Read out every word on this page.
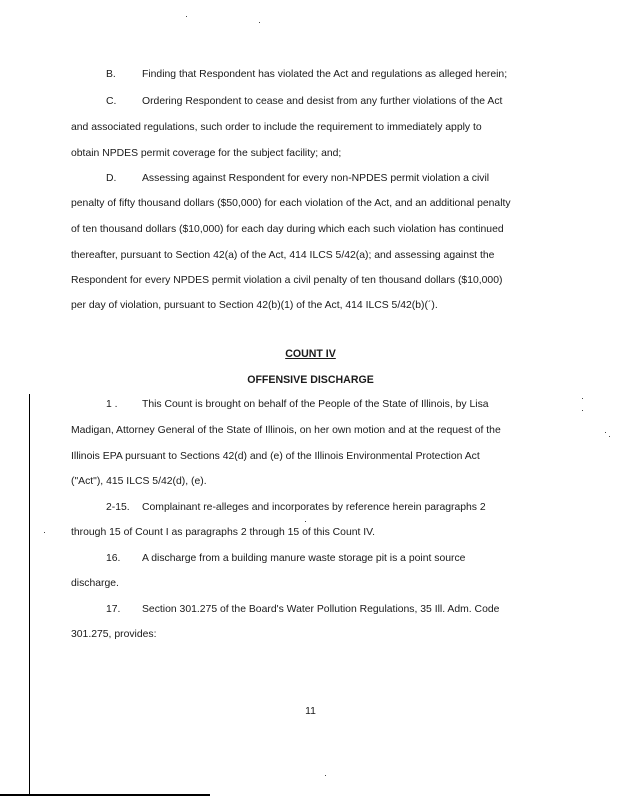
B.	Finding that Respondent has violated the Act and regulations as alleged herein;
C. Ordering Respondent to cease and desist from any further violations of the Act
and associated regulations, such order to include the requirement to immediately apply to
obtain NPDES permit coverage for the subject facility; and;
D. Assessing against Respondent for every non-NPDES permit violation a civil
penalty of fifty thousand dollars ($50,000) for each violation of the Act, and an additional penalty
of ten thousand dollars ($10,000) for each day during which each such violation has continued
thereafter, pursuant to Section 42(a) of the Act, 414 ILCS 5/42(a); and assessing against the
Respondent for every NPDES permit violation a civil penalty of ten thousand dollars ($10,000)
per day of violation, pursuant to Section 42(b)(1) of the Act, 414 ILCS 5/42(b)(´).
COUNT IV
OFFENSIVE DISCHARGE
1 . This Count is brought on behalf of the People of the State of Illinois, by Lisa
Madigan, Attorney General of the State of Illinois, on her own motion and at the request of the
Illinois EPA pursuant to Sections 42(d) and (e) of the Illinois Environmental Protection Act
("Act"), 415 ILCS 5/42(d), (e).
2-15. Complainant re-alleges and incorporates by reference herein paragraphs 2
through 15 of Count I as paragraphs 2 through 15 of this Count IV.
16. A discharge from a building manure waste storage pit is a point source
discharge.
17. Section 301.275 of the Board's Water Pollution Regulations, 35 Ill. Adm. Code
301.275, provides:
11
